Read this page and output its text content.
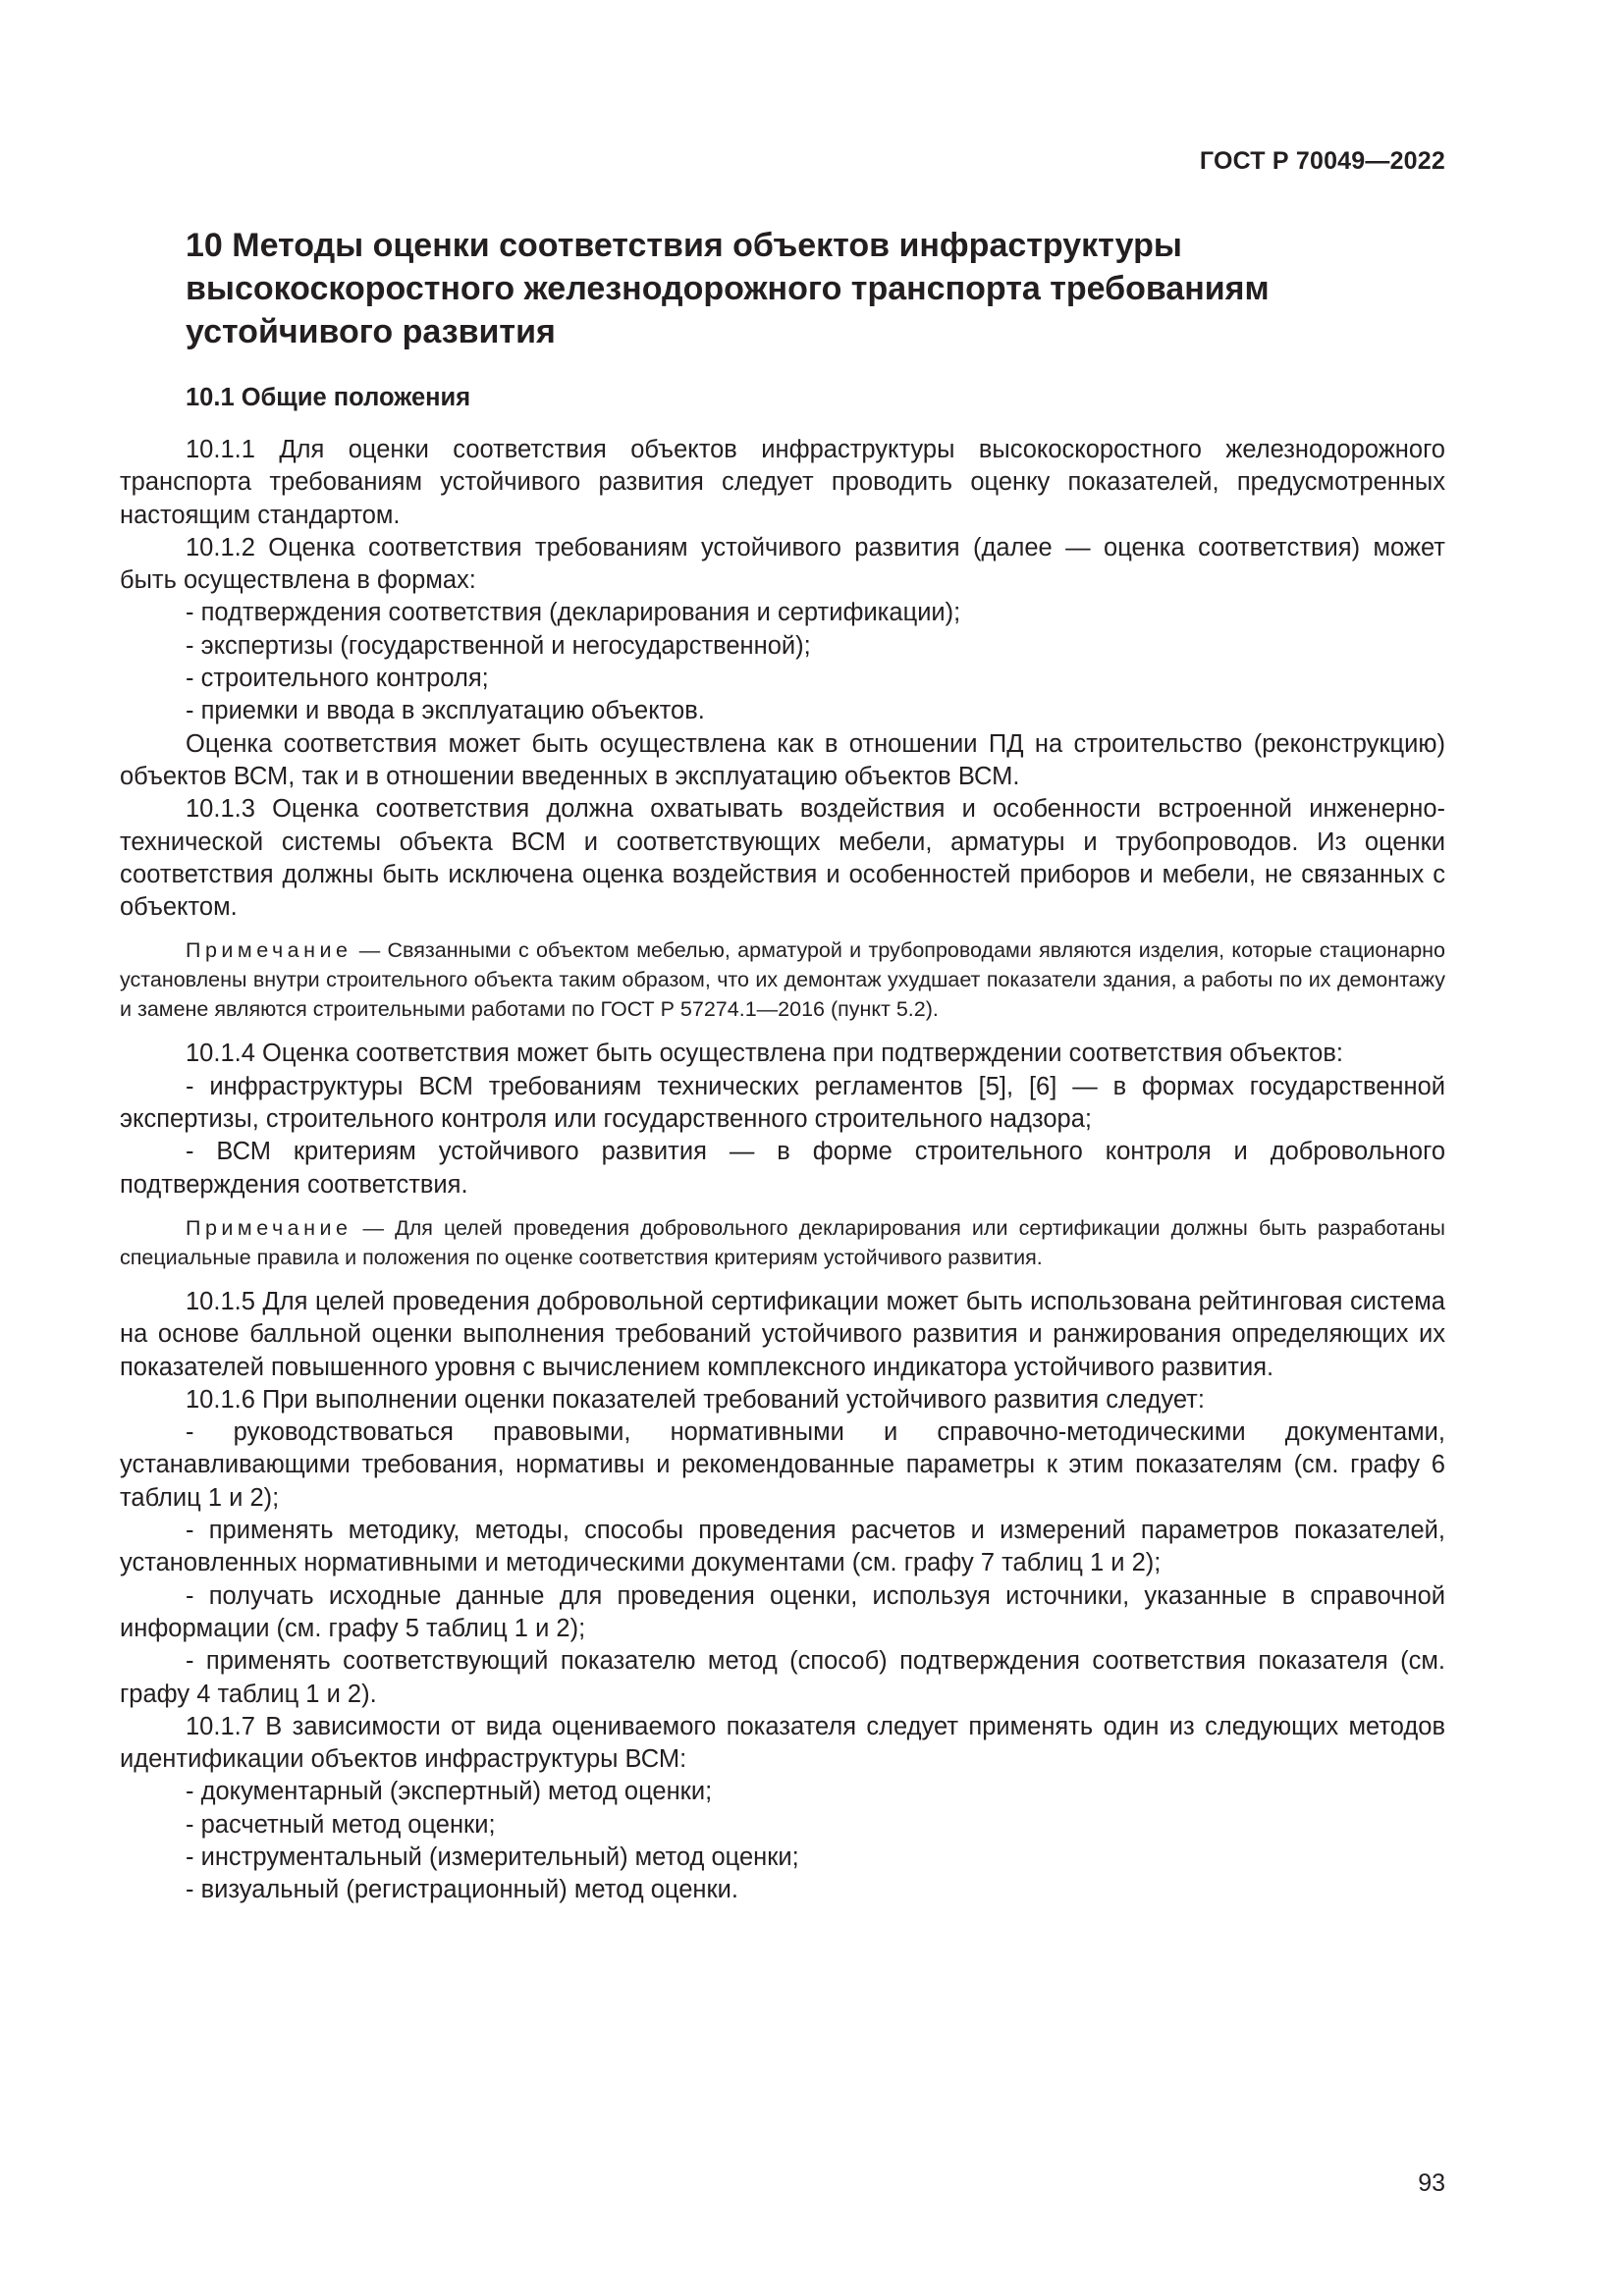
ГОСТ Р 70049—2022
10 Методы оценки соответствия объектов инфраструктуры высокоскоростного железнодорожного транспорта требованиям устойчивого развития
10.1 Общие положения

10.1.1 Для оценки соответствия объектов инфраструктуры высокоскоростного железнодорожного транспорта требованиям устойчивого развития следует проводить оценку показателей, предусмотренных настоящим стандартом.

10.1.2 Оценка соответствия требованиям устойчивого развития (далее — оценка соответствия) может быть осуществлена в формах:

- подтверждения соответствия (декларирования и сертификации);

- экспертизы (государственной и негосударственной);

- строительного контроля;

- приемки и ввода в эксплуатацию объектов.

Оценка соответствия может быть осуществлена как в отношении ПД на строительство (реконструкцию) объектов ВСМ, так и в отношении введенных в эксплуатацию объектов ВСМ.

10.1.3 Оценка соответствия должна охватывать воздействия и особенности встроенной инженерно-технической системы объекта ВСМ и соответствующих мебели, арматуры и трубопроводов. Из оценки соответствия должны быть исключена оценка воздействия и особенностей приборов и мебели, не связанных с объектом.

Примечание — Связанными с объектом мебелью, арматурой и трубопроводами являются изделия, которые стационарно установлены внутри строительного объекта таким образом, что их демонтаж ухудшает показатели здания, а работы по их демонтажу и замене являются строительными работами по ГОСТ Р 57274.1—2016 (пункт 5.2).

10.1.4 Оценка соответствия может быть осуществлена при подтверждении соответствия объектов:

- инфраструктуры ВСМ требованиям технических регламентов [5], [6] — в формах государственной экспертизы, строительного контроля или государственного строительного надзора;

- ВСМ критериям устойчивого развития — в форме строительного контроля и добровольного подтверждения соответствия.

Примечание — Для целей проведения добровольного декларирования или сертификации должны быть разработаны специальные правила и положения по оценке соответствия критериям устойчивого развития.

10.1.5 Для целей проведения добровольной сертификации может быть использована рейтинговая система на основе балльной оценки выполнения требований устойчивого развития и ранжирования определяющих их показателей повышенного уровня с вычислением комплексного индикатора устойчивого развития.

10.1.6 При выполнении оценки показателей требований устойчивого развития следует:

- руководствоваться правовыми, нормативными и справочно-методическими документами, устанавливающими требования, нормативы и рекомендованные параметры к этим показателям (см. графу 6 таблиц 1 и 2);

- применять методику, методы, способы проведения расчетов и измерений параметров показателей, установленных нормативными и методическими документами (см. графу 7 таблиц 1 и 2);

- получать исходные данные для проведения оценки, используя источники, указанные в справочной информации (см. графу 5 таблиц 1 и 2);

- применять соответствующий показателю метод (способ) подтверждения соответствия показателя (см. графу 4 таблиц 1 и 2).

10.1.7 В зависимости от вида оцениваемого показателя следует применять один из следующих методов идентификации объектов инфраструктуры ВСМ:

- документарный (экспертный) метод оценки;

- расчетный метод оценки;

- инструментальный (измерительный) метод оценки;

- визуальный (регистрационный) метод оценки.

93
